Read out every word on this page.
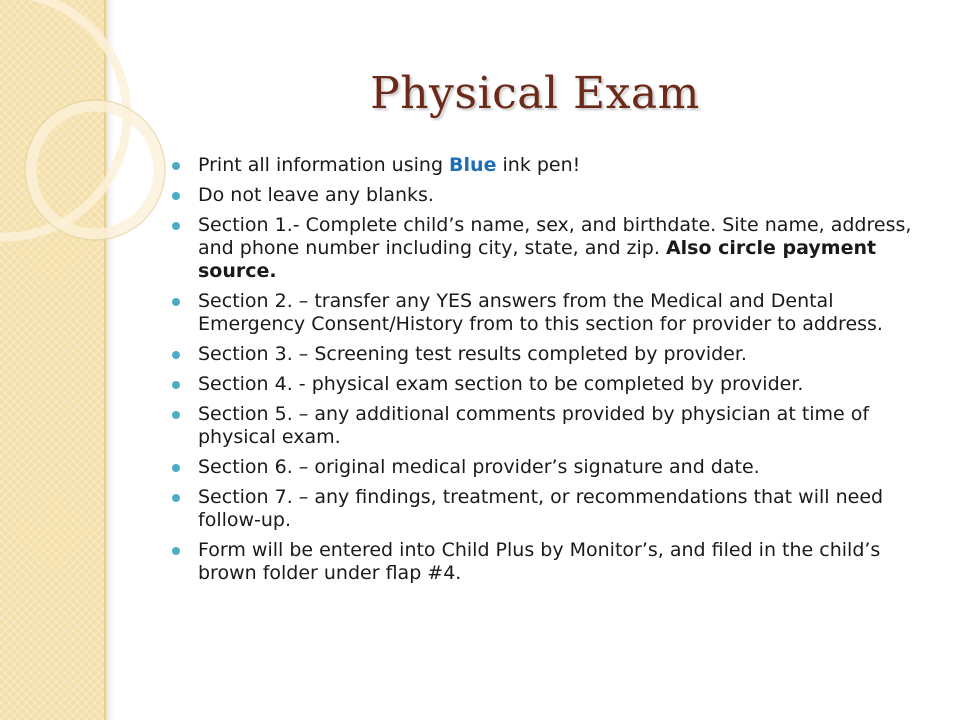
Physical Exam
Print all information using Blue ink pen!
Do not leave any blanks.
Section 1.- Complete child’s name, sex, and birthdate. Site name, address, and phone number including city, state, and zip. Also circle payment source.
Section 2. – transfer any YES answers from the Medical and Dental Emergency Consent/History from to this section for provider to address.
Section 3. – Screening test results completed by provider.
Section 4. - physical exam section to be completed by provider.
Section 5. – any additional comments provided by physician at time of physical exam.
Section 6. – original medical provider’s signature and date.
Section 7. – any findings, treatment, or recommendations that will need follow-up.
Form will be entered into Child Plus by Monitor’s, and filed in the child’s brown folder under flap #4.
